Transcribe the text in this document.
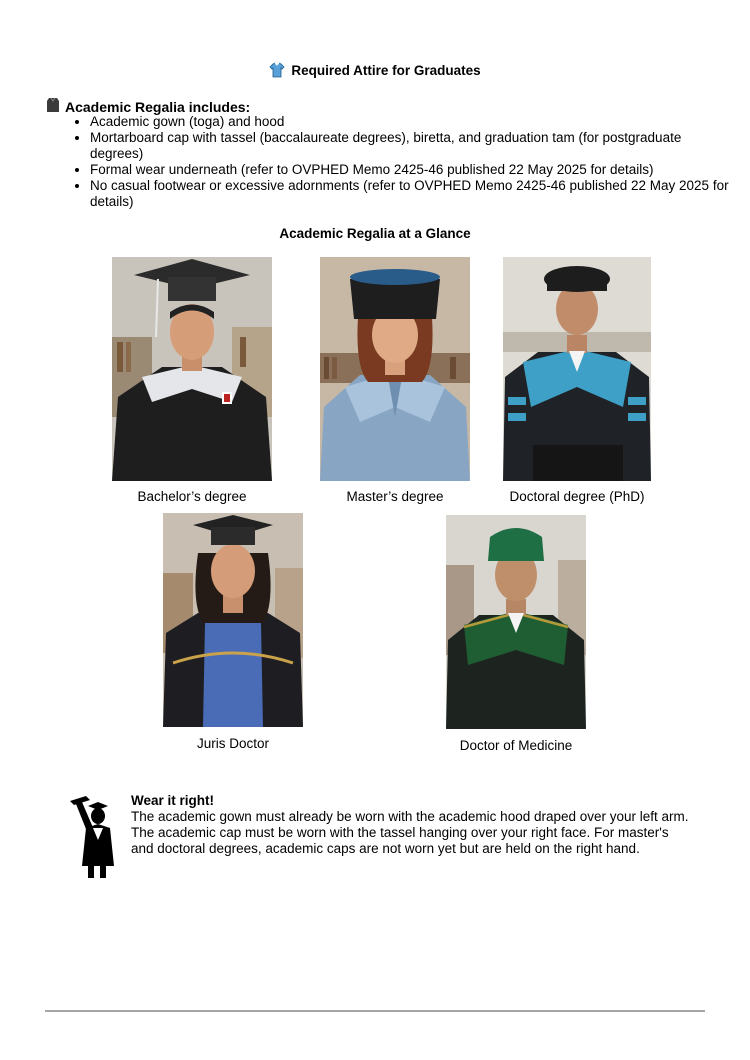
Required Attire for Graduates
Academic Regalia includes:
• Academic gown (toga) and hood
• Mortarboard cap with tassel (baccalaureate degrees), biretta, and graduation tam (for postgraduate degrees)
• Formal wear underneath (refer to OVPHED Memo 2425-46 published 22 May 2025 for details)
• No casual footwear or excessive adornments (refer to OVPHED Memo 2425-46 published 22 May 2025 for details)
Academic Regalia at a Glance
Bachelor’s degree	Master’s degree	Doctoral degree (PhD)
Juris Doctor	Doctor of Medicine
Wear it right!
The academic gown must already be worn with the academic hood draped over your left arm.
The academic cap must be worn with the tassel hanging over your right face. For master's
and doctoral degrees, academic caps are not worn yet but are held on the right hand.
